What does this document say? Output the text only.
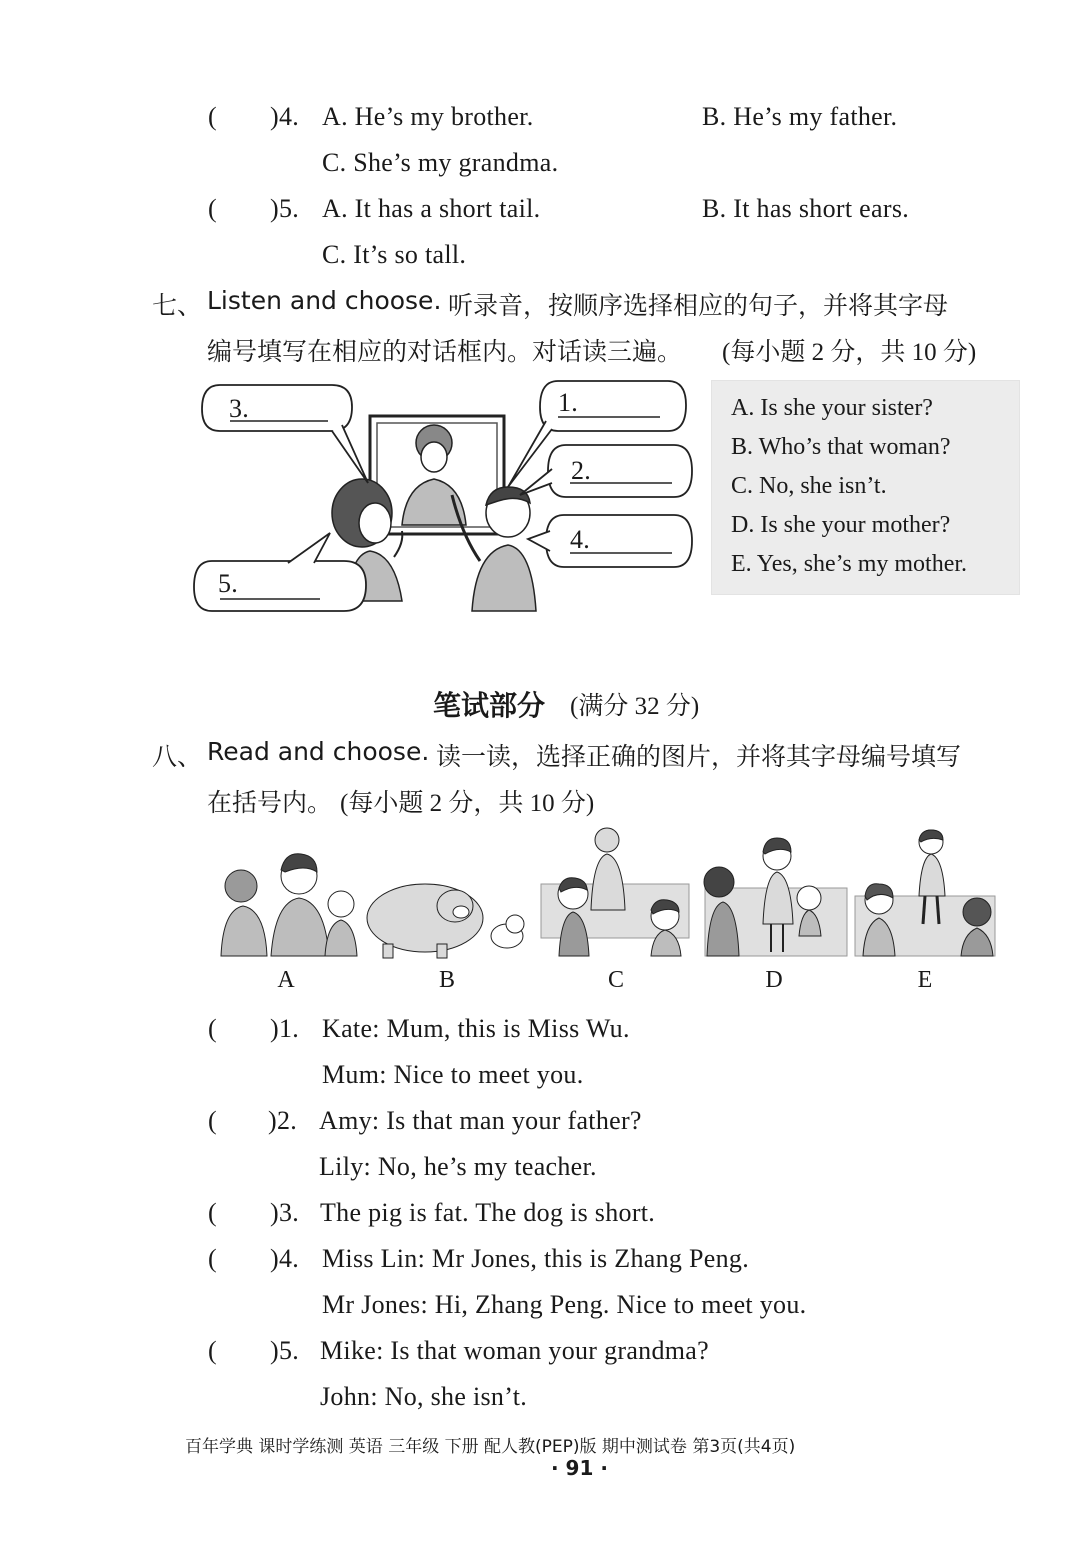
( )4. A. He’s my brother.	B. He’s my father.
C. She’s my grandma.
( )5. A. It has a short tail.	B. It has short ears.
C. It’s so tall.
七、 Listen and choose. 听录音，按顺序选择相应的句子，并将其字母
编号填写在相应的对话框内。对话读三遍。 (每小题 2 分，共 10 分)
3.	1.
2.
4.
5.
A. Is she your sister?
B. Who’s that woman?
C. No, she isn’t.
D. Is she your mother?
E. Yes, she’s my mother.
笔试部分 (满分 32 分)
八、 Read and choose. 读一读，选择正确的图片，并将其字母编号填写
在括号内。 (每小题 2 分，共 10 分)
A	B	C	D	E
( )1. Kate: Mum, this is Miss Wu.
Mum: Nice to meet you.
( )2. Amy: Is that man your father?
Lily: No, he’s my teacher.
( )3. The pig is fat. The dog is short.
( )4. Miss Lin: Mr Jones, this is Zhang Peng.
Mr Jones: Hi, Zhang Peng. Nice to meet you.
( )5. Mike: Is that woman your grandma?
John: No, she isn’t.
百年学典 课时学练测 英语 三年级 下册 配人教(PEP)版 期中测试卷 第3页(共4页)
· 91 ·
